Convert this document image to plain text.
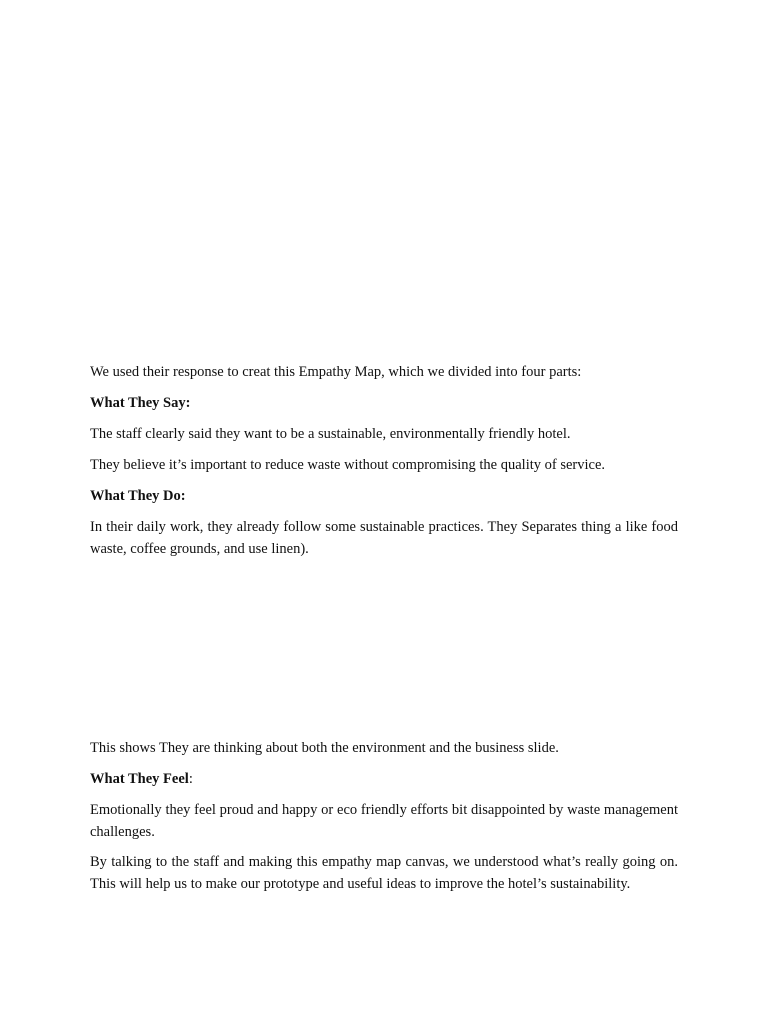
We used their response to creat this Empathy Map, which we divided into four parts:

What They Say:

The staff clearly said they want to be a sustainable, environmentally friendly hotel.

They believe it’s important to reduce waste without compromising the quality of service.

What They Do:

In their daily work, they already follow some sustainable practices. They Separates thing a like food waste, coffee grounds, and use linen).

This shows They are thinking about both the environment and the business slide.

What They Feel:

Emotionally they feel proud and happy or eco friendly efforts bit disappointed by waste management challenges.

By talking to the staff and making this empathy map canvas, we understood what’s really going on. This will help us to make our prototype and useful ideas to improve the hotel’s sustainability.
